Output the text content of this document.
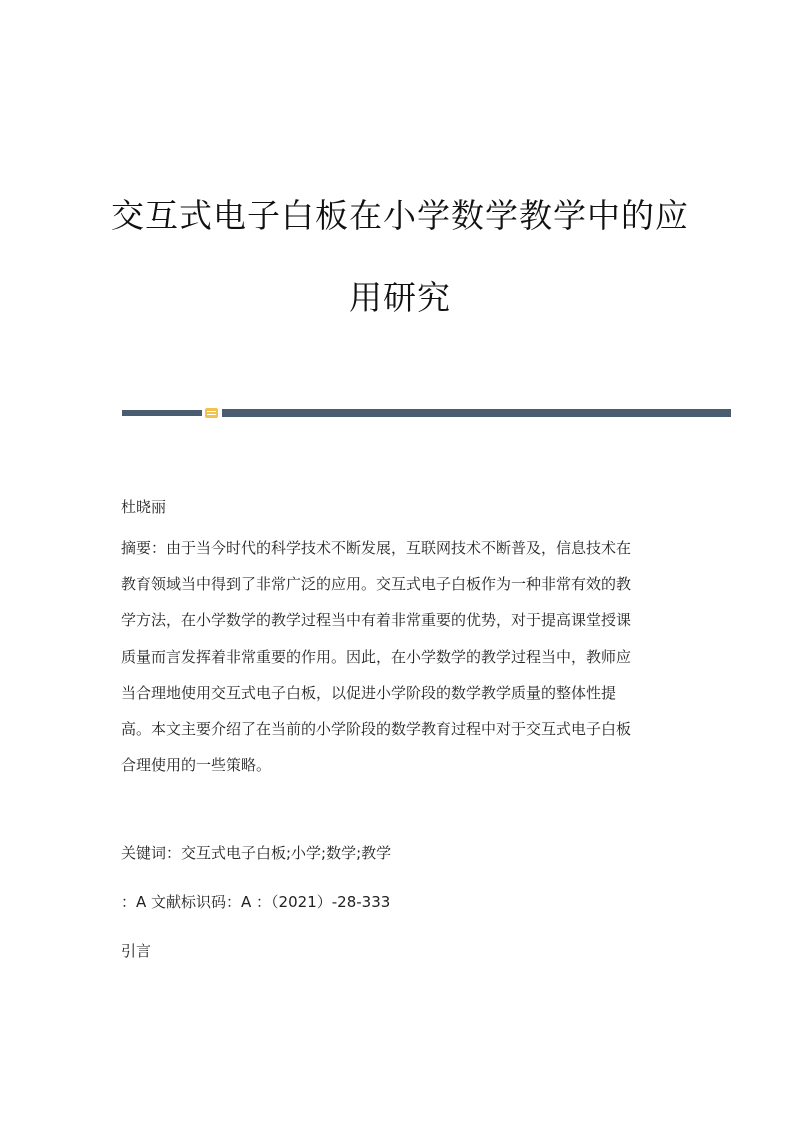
交互式电子白板在小学数学教学中的应
用研究
杜晓丽
摘要：由于当今时代的科学技术不断发展，互联网技术不断普及，信息技术在
教育领域当中得到了非常广泛的应用。交互式电子白板作为一种非常有效的教
学方法，在小学数学的教学过程当中有着非常重要的优势，对于提高课堂授课
质量而言发挥着非常重要的作用。因此，在小学数学的教学过程当中，教师应
当合理地使用交互式电子白板，以促进小学阶段的数学教学质量的整体性提
高。本文主要介绍了在当前的小学阶段的数学教育过程中对于交互式电子白板
合理使用的一些策略。
关键词：交互式电子白板;小学;数学;教学
：A 文献标识码：A ：（2021）-28-333
引言
